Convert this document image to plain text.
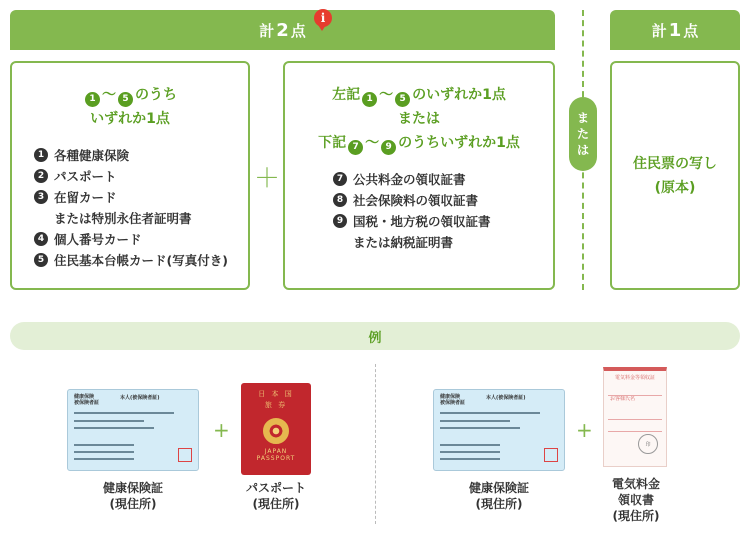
計 2 点
i
計 1 点
1 ～ 5 のうち
いずれか1点
1 各種健康保険
2 パスポート
3 在留カード
または特別永住者証明書
4 個人番号カード
5 住民基本台帳カード(写真付き)
＋
左記 1 ～ 5 のいずれか1点
または
下記 7 ～ 9 のうちいずれか1点
7 公共料金の領収証書
8 社会保険料の領収証書
9 国税・地方税の領収証書
または納税証明書
ま
た
は
住民票の写し
(原本)
例
健康保険
被保険者証
本人(被保険者証)
+
日 本 国
旅 券
JAPAN
PASSPORT
健康保険証
(現住所)
パスポート
(現住所)
健康保険
被保険者証
本人(被保険者証)
+
電気料金等領収証
お客様氏名
印
健康保険証
(現住所)
電気料金
領収書
(現住所)
